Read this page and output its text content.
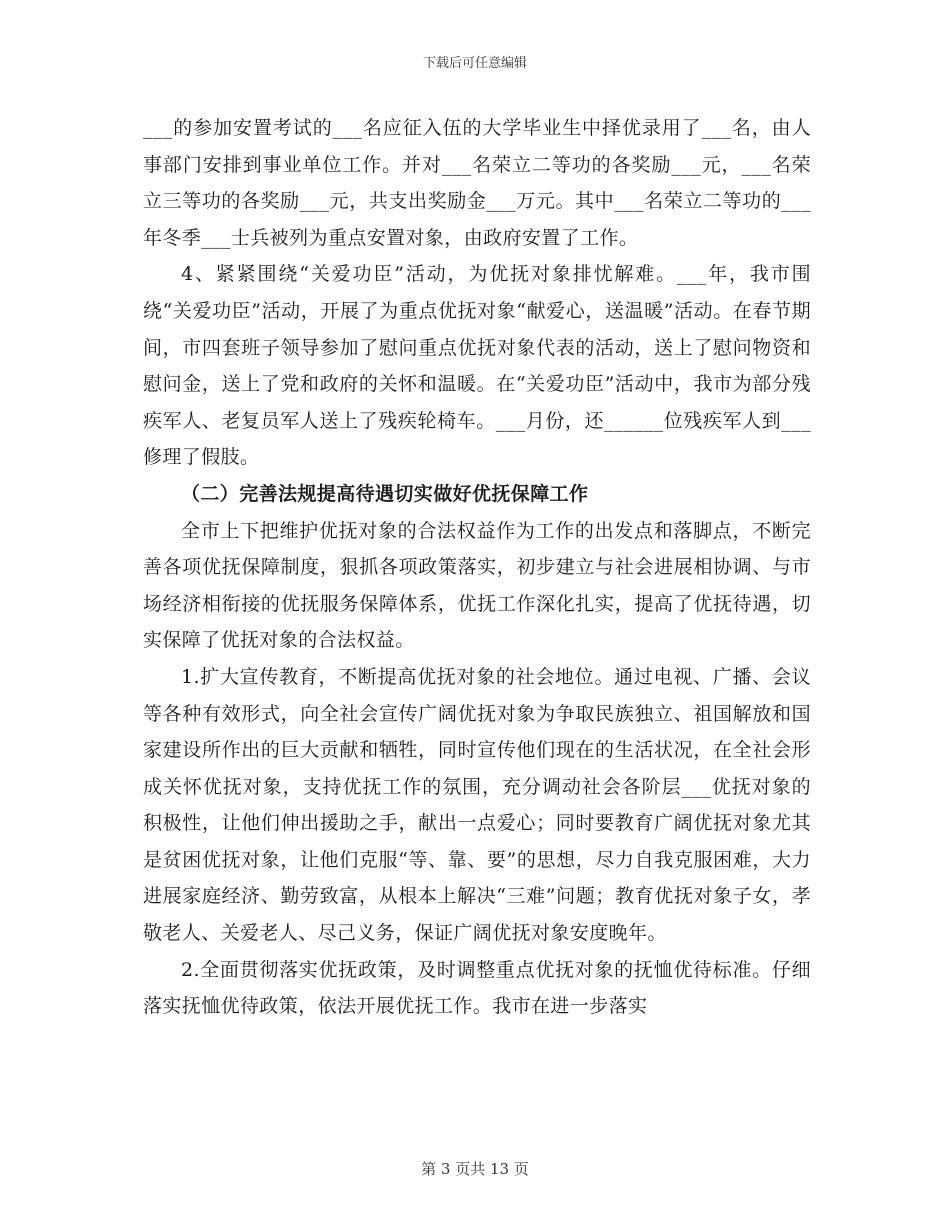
下载后可任意编辑

___的参加安置考试的___名应征入伍的大学毕业生中择优录用了___名，由人事部门安排到事业单位工作。并对___名荣立二等功的各奖励___元，___名荣立三等功的各奖励___元，共支出奖励金___万元。其中___名荣立二等功的___年冬季___士兵被列为重点安置对象，由政府安置了工作。

4、紧紧围绕“关爱功臣”活动，为优抚对象排忧解难。___年，我市围绕“关爱功臣”活动，开展了为重点优抚对象“献爱心，送温暖”活动。在春节期间，市四套班子领导参加了慰问重点优抚对象代表的活动，送上了慰问物资和慰问金，送上了党和政府的关怀和温暖。在“关爱功臣”活动中，我市为部分残疾军人、老复员军人送上了残疾轮椅车。___月份，还______位残疾军人到___修理了假肢。

（二）完善法规提高待遇切实做好优抚保障工作

全市上下把维护优抚对象的合法权益作为工作的出发点和落脚点，不断完善各项优抚保障制度，狠抓各项政策落实，初步建立与社会进展相协调、与市场经济相衔接的优抚服务保障体系，优抚工作深化扎实，提高了优抚待遇，切实保障了优抚对象的合法权益。

1.扩大宣传教育，不断提高优抚对象的社会地位。通过电视、广播、会议等各种有效形式，向全社会宣传广阔优抚对象为争取民族独立、祖国解放和国家建设所作出的巨大贡献和牺牲，同时宣传他们现在的生活状况，在全社会形成关怀优抚对象，支持优抚工作的氛围，充分调动社会各阶层___优抚对象的积极性，让他们伸出援助之手，献出一点爱心；同时要教育广阔优抚对象尤其是贫困优抚对象，让他们克服“等、靠、要”的思想，尽力自我克服困难，大力进展家庭经济、勤劳致富，从根本上解决“三难”问题；教育优抚对象子女，孝敬老人、关爱老人、尽己义务，保证广阔优抚对象安度晚年。

2.全面贯彻落实优抚政策，及时调整重点优抚对象的抚恤优待标准。仔细落实抚恤优待政策，依法开展优抚工作。我市在进一步落实

第 3 页共 13 页
